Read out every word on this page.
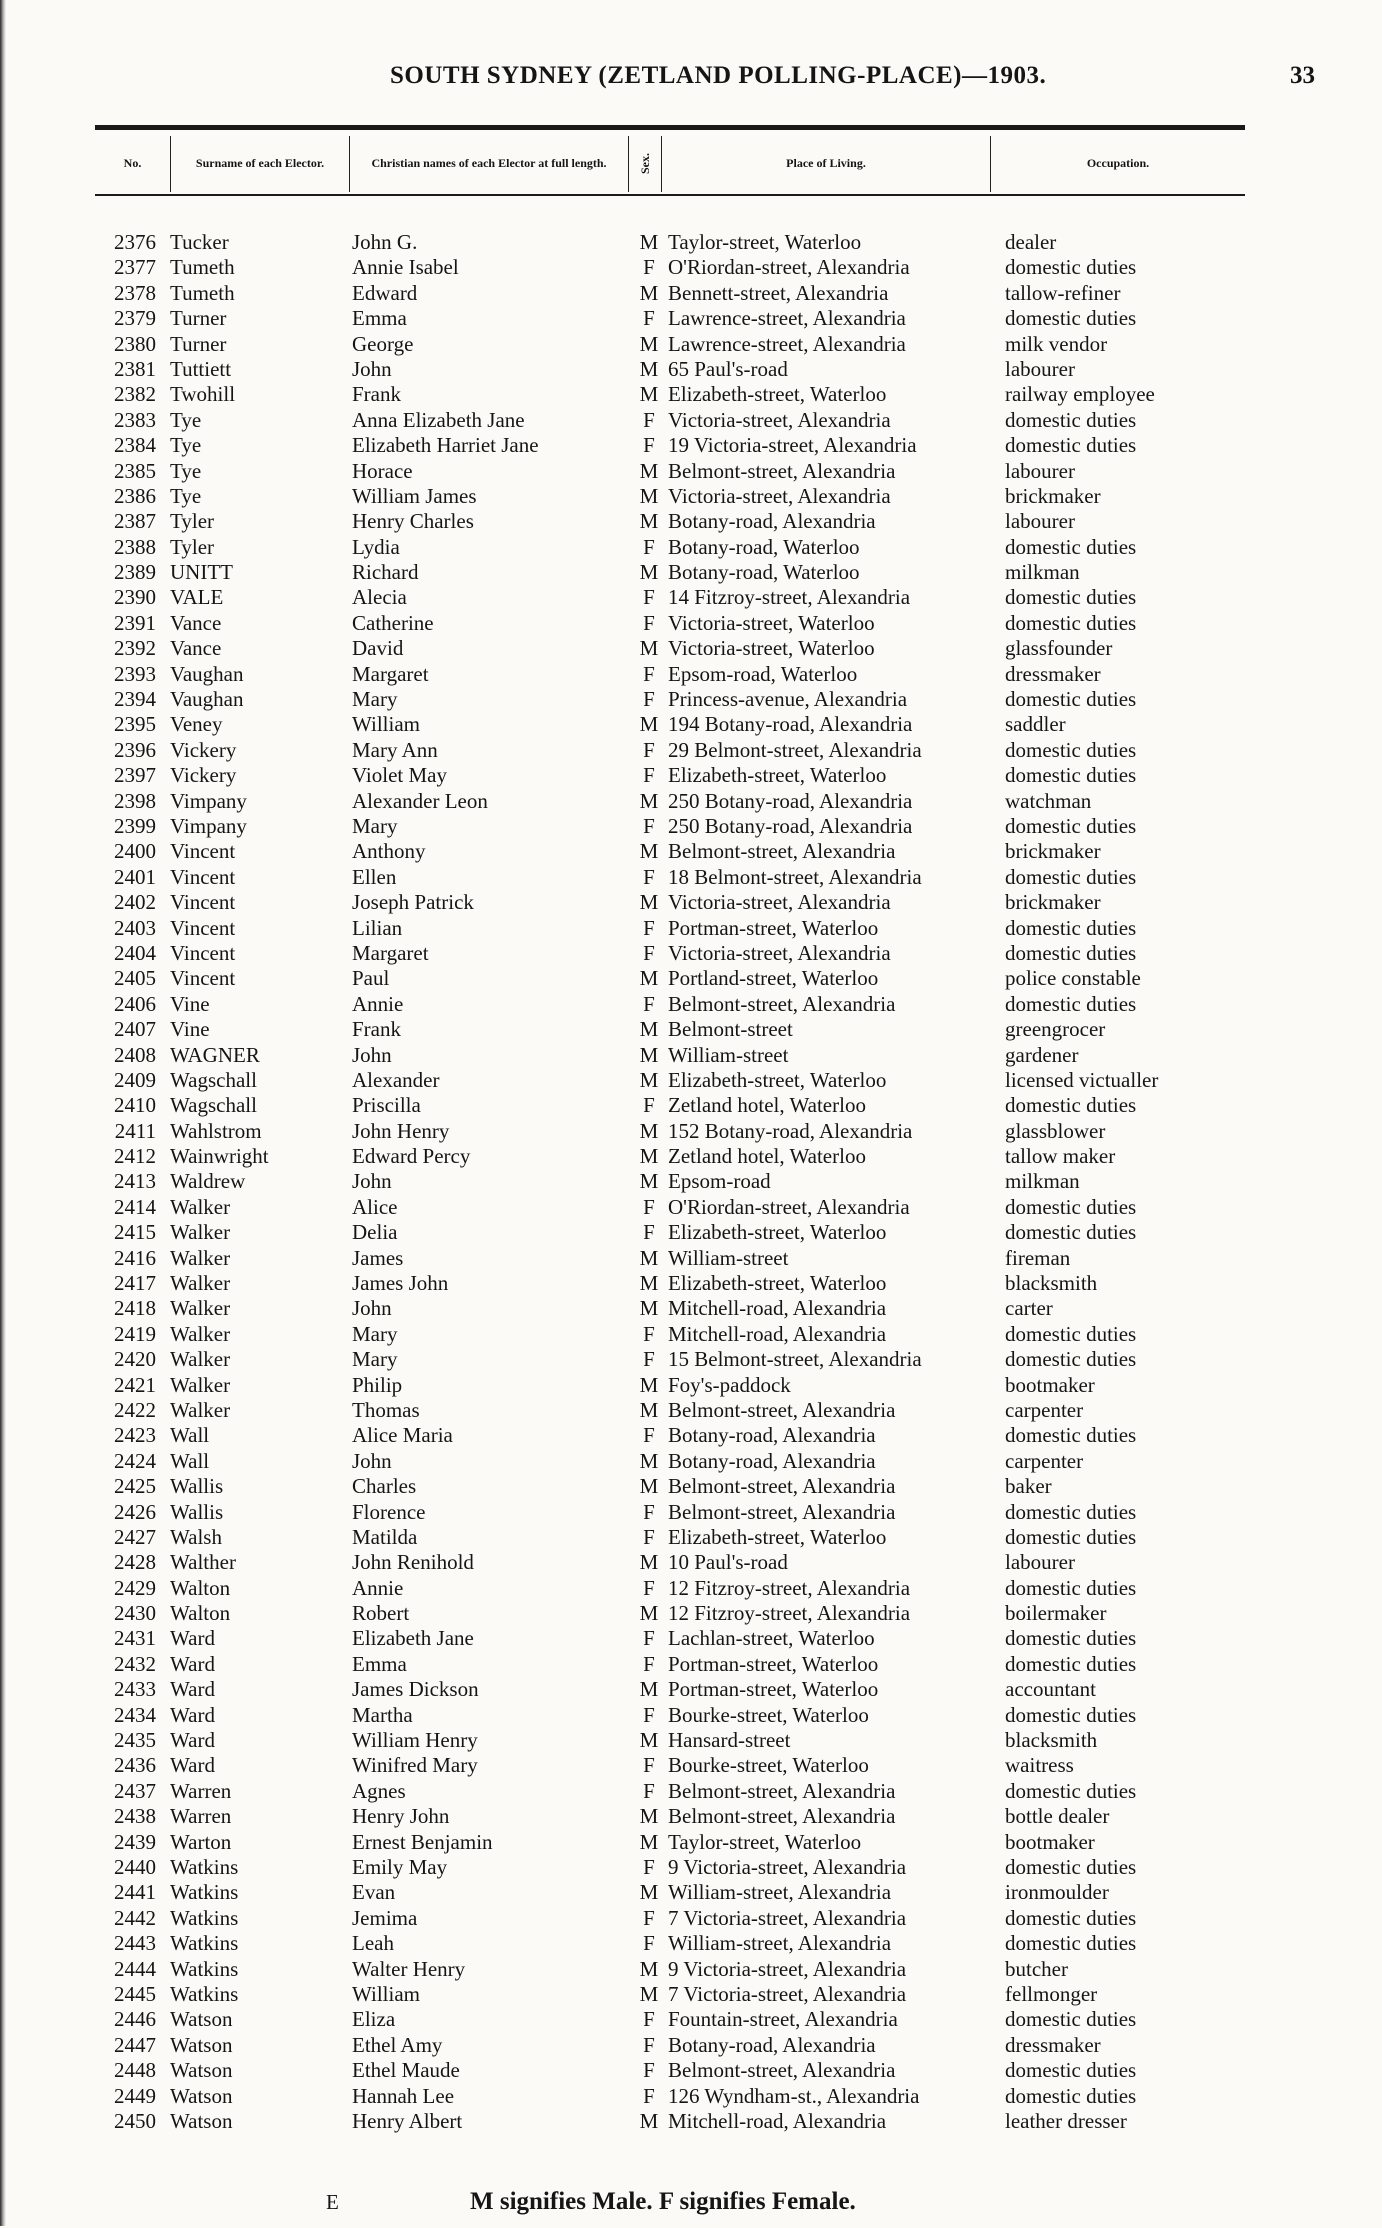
SOUTH SYDNEY (ZETLAND POLLING-PLACE)—1903.	33
No.	Surname of each Elector.	Christian names of each Elector at full length.	Sex.	Place of Living.	Occupation.
2376 Tucker	John G.	M Taylor-street, Waterloo	dealer
2377 Tumeth	Annie Isabel	F O'Riordan-street, Alexandria	domestic duties
2378 Tumeth	Edward	M Bennett-street, Alexandria	tallow-refiner
2379 Turner	Emma	F Lawrence-street, Alexandria	domestic duties
2380 Turner	George	M Lawrence-street, Alexandria	milk vendor
2381 Tuttiett	John	M 65 Paul's-road	labourer
2382 Twohill	Frank	M Elizabeth-street, Waterloo	railway employee
2383 Tye	Anna Elizabeth Jane	F Victoria-street, Alexandria	domestic duties
2384 Tye	Elizabeth Harriet Jane	F 19 Victoria-street, Alexandria	domestic duties
2385 Tye	Horace	M Belmont-street, Alexandria	labourer
2386 Tye	William James	M Victoria-street, Alexandria	brickmaker
2387 Tyler	Henry Charles	M Botany-road, Alexandria	labourer
2388 Tyler	Lydia	F Botany-road, Waterloo	domestic duties
2389 UNITT	Richard	M Botany-road, Waterloo	milkman
2390 VALE	Alecia	F 14 Fitzroy-street, Alexandria	domestic duties
2391 Vance	Catherine	F Victoria-street, Waterloo	domestic duties
2392 Vance	David	M Victoria-street, Waterloo	glassfounder
2393 Vaughan	Margaret	F Epsom-road, Waterloo	dressmaker
2394 Vaughan	Mary	F Princess-avenue, Alexandria	domestic duties
2395 Veney	William	M 194 Botany-road, Alexandria	saddler
2396 Vickery	Mary Ann	F 29 Belmont-street, Alexandria	domestic duties
2397 Vickery	Violet May	F Elizabeth-street, Waterloo	domestic duties
2398 Vimpany	Alexander Leon	M 250 Botany-road, Alexandria	watchman
2399 Vimpany	Mary	F 250 Botany-road, Alexandria	domestic duties
2400 Vincent	Anthony	M Belmont-street, Alexandria	brickmaker
2401 Vincent	Ellen	F 18 Belmont-street, Alexandria	domestic duties
2402 Vincent	Joseph Patrick	M Victoria-street, Alexandria	brickmaker
2403 Vincent	Lilian	F Portman-street, Waterloo	domestic duties
2404 Vincent	Margaret	F Victoria-street, Alexandria	domestic duties
2405 Vincent	Paul	M Portland-street, Waterloo	police constable
2406 Vine	Annie	F Belmont-street, Alexandria	domestic duties
2407 Vine	Frank	M Belmont-street	greengrocer
2408 WAGNER	John	M William-street	gardener
2409 Wagschall	Alexander	M Elizabeth-street, Waterloo	licensed victualler
2410 Wagschall	Priscilla	F Zetland hotel, Waterloo	domestic duties
2411 Wahlstrom	John Henry	M 152 Botany-road, Alexandria	glassblower
2412 Wainwright	Edward Percy	M Zetland hotel, Waterloo	tallow maker
2413 Waldrew	John	M Epsom-road	milkman
2414 Walker	Alice	F O'Riordan-street, Alexandria	domestic duties
2415 Walker	Delia	F Elizabeth-street, Waterloo	domestic duties
2416 Walker	James	M William-street	fireman
2417 Walker	James John	M Elizabeth-street, Waterloo	blacksmith
2418 Walker	John	M Mitchell-road, Alexandria	carter
2419 Walker	Mary	F Mitchell-road, Alexandria	domestic duties
2420 Walker	Mary	F 15 Belmont-street, Alexandria	domestic duties
2421 Walker	Philip	M Foy's-paddock	bootmaker
2422 Walker	Thomas	M Belmont-street, Alexandria	carpenter
2423 Wall	Alice Maria	F Botany-road, Alexandria	domestic duties
2424 Wall	John	M Botany-road, Alexandria	carpenter
2425 Wallis	Charles	M Belmont-street, Alexandria	baker
2426 Wallis	Florence	F Belmont-street, Alexandria	domestic duties
2427 Walsh	Matilda	F Elizabeth-street, Waterloo	domestic duties
2428 Walther	John Renihold	M 10 Paul's-road	labourer
2429 Walton	Annie	F 12 Fitzroy-street, Alexandria	domestic duties
2430 Walton	Robert	M 12 Fitzroy-street, Alexandria	boilermaker
2431 Ward	Elizabeth Jane	F Lachlan-street, Waterloo	domestic duties
2432 Ward	Emma	F Portman-street, Waterloo	domestic duties
2433 Ward	James Dickson	M Portman-street, Waterloo	accountant
2434 Ward	Martha	F Bourke-street, Waterloo	domestic duties
2435 Ward	William Henry	M Hansard-street	blacksmith
2436 Ward	Winifred Mary	F Bourke-street, Waterloo	waitress
2437 Warren	Agnes	F Belmont-street, Alexandria	domestic duties
2438 Warren	Henry John	M Belmont-street, Alexandria	bottle dealer
2439 Warton	Ernest Benjamin	M Taylor-street, Waterloo	bootmaker
2440 Watkins	Emily May	F 9 Victoria-street, Alexandria	domestic duties
2441 Watkins	Evan	M William-street, Alexandria	ironmoulder
2442 Watkins	Jemima	F 7 Victoria-street, Alexandria	domestic duties
2443 Watkins	Leah	F William-street, Alexandria	domestic duties
2444 Watkins	Walter Henry	M 9 Victoria-street, Alexandria	butcher
2445 Watkins	William	M 7 Victoria-street, Alexandria	fellmonger
2446 Watson	Eliza	F Fountain-street, Alexandria	domestic duties
2447 Watson	Ethel Amy	F Botany-road, Alexandria	dressmaker
2448 Watson	Ethel Maude	F Belmont-street, Alexandria	domestic duties
2449 Watson	Hannah Lee	F 126 Wyndham-st., Alexandria	domestic duties
2450 Watson	Henry Albert	M Mitchell-road, Alexandria	leather dresser
E	M signifies Male. F signifies Female.
